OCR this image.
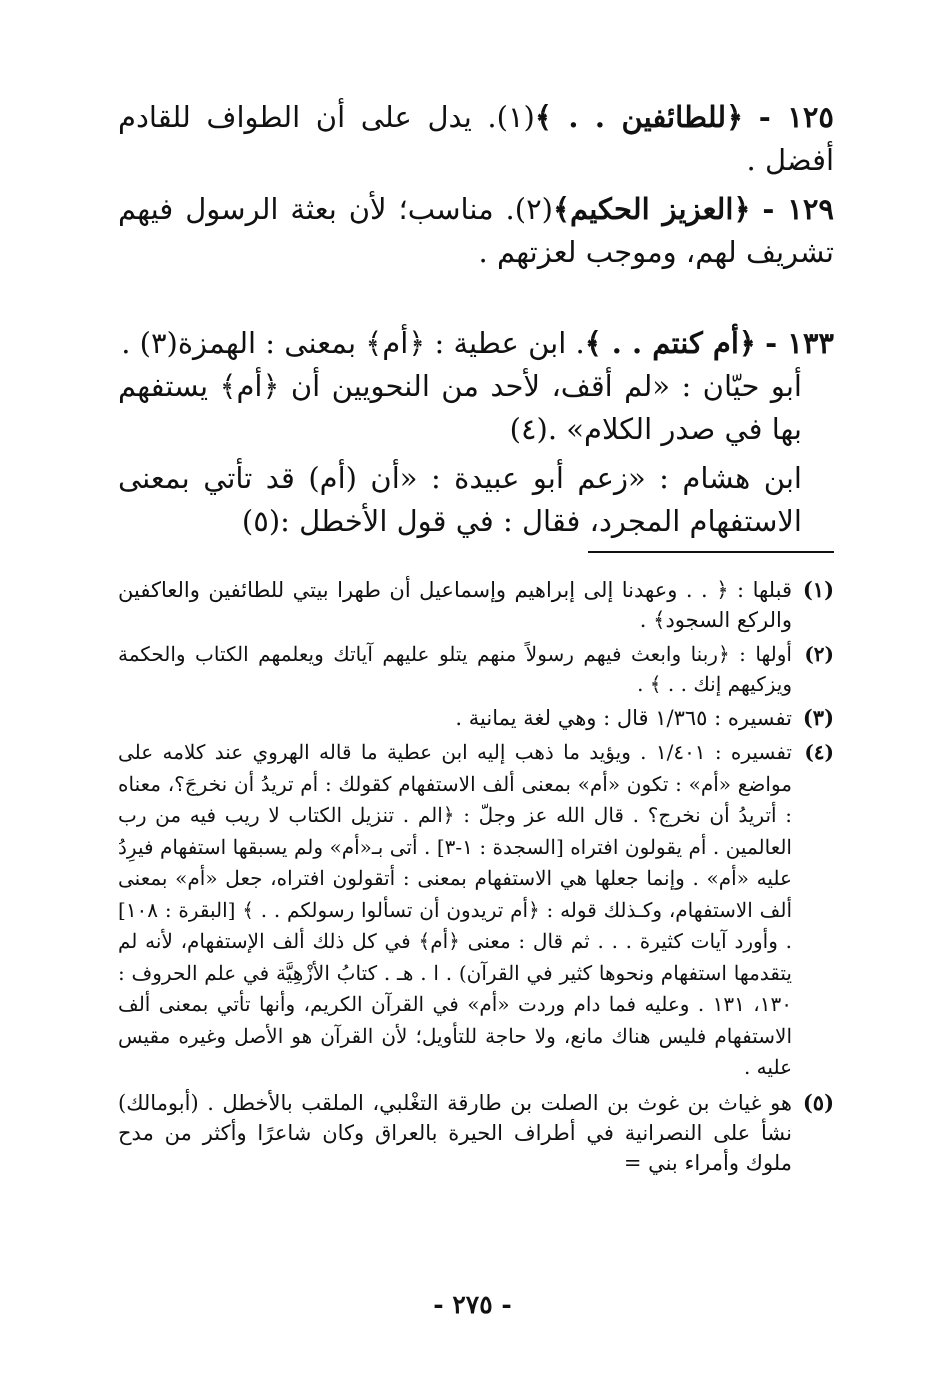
١٢٥ - ﴿للطائفين . . ﴾(١). يدل على أن الطواف للقادم أفضل .

١٢٩ - ﴿العزيز الحكيم﴾(٢). مناسب؛ لأن بعثة الرسول فيهم تشريف لهم، وموجب لعزتهم .

١٣٣ - ﴿أم كنتم . . ﴾. ابن عطية : ﴿أم﴾ بمعنى : الهمزة(٣) .

أبو حيّان : «لم أقف، لأحد من النحويين أن ﴿أم﴾ يستفهم بها في صدر الكلام» .(٤)

ابن هشام : «زعم أبو عبيدة : «أن (أم) قد تأتي بمعنى الاستفهام المجرد، فقال : في قول الأخطل :(٥)

(١)
قبلها : ﴿ . . وعهدنا إلى إبراهيم وإسماعيل أن طهرا بيتي للطائفين والعاكفين والركع السجود﴾ .

(٢)
أولها : ﴿ربنا وابعث فيهم رسولاً منهم يتلو عليهم آياتك ويعلمهم الكتاب والحكمة ويزكيهم إنك . . ﴾ .

(٣)
تفسيره : ١/٣٦٥ قال : وهي لغة يمانية .

(٤)
تفسيره : ١/٤٠١ . ويؤيد ما ذهب إليه ابن عطية ما قاله الهروي عند كلامه على مواضع «أم» : تكون «أم» بمعنى ألف الاستفهام كقولك : أم تريدُ أن نخرجَ؟، معناه : أتريدُ أن نخرج؟ . قال الله عز وجلّ : ﴿الم . تنزيل الكتاب لا ريب فيه من رب العالمين . أم يقولون افتراه [السجدة : ١-٣] . أتى بـ«أم» ولم يسبقها استفهام فيرِدُ عليه «أم» . وإنما جعلها هي الاستفهام بمعنى : أتقولون افتراه، جعل «أم» بمعنى ألف الاستفهام، وكـذلك قوله : ﴿أم تريدون أن تسألوا رسولكم . . ﴾ [البقرة : ١٠٨] . وأورد آيات كثيرة . . . ثم قال : معنى ﴿أم﴾ في كل ذلك ألف الإستفهام، لأنه لم يتقدمها استفهام ونحوها كثير في القرآن) . ا . هـ . كتابُ الأزْهِيَّة في علم الحروف : ١٣٠، ١٣١ . وعليه فما دام وردت «أم» في القرآن الكريم، وأنها تأتي بمعنى ألف الاستفهام فليس هناك مانع، ولا حاجة للتأويل؛ لأن القرآن هو الأصل وغيره مقيس عليه .

(٥)
هو غياث بن غوث بن الصلت بن طارقة التغْلبي، الملقب بالأخطل . (أبومالك) نشأ على النصرانية في أطراف الحيرة بالعراق وكان شاعرًا وأكثر من مدح ملوك وأمراء بني =

- ٢٧٥ -
